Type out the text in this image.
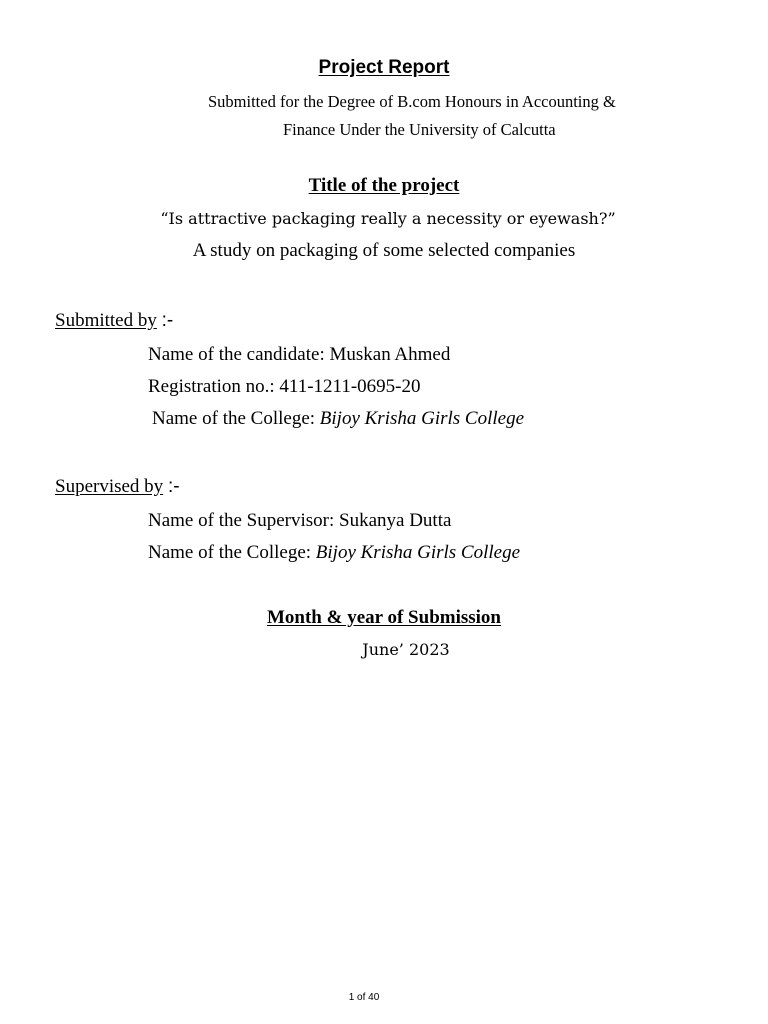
Project Report
Submitted for the Degree of B.com Honours in Accounting &
Finance Under the University of Calcutta
Title of the project
“Is attractive packaging really a necessity or eyewash?”
A study on packaging of some selected companies
Submitted by :-
Name of the candidate: Muskan Ahmed
Registration no.: 411-1211-0695-20
Name of the College: Bijoy Krisha Girls College
Supervised by :-
Name of the Supervisor: Sukanya Dutta
Name of the College: Bijoy Krisha Girls College
Month & year of Submission
June’ 2023
1 of 40
